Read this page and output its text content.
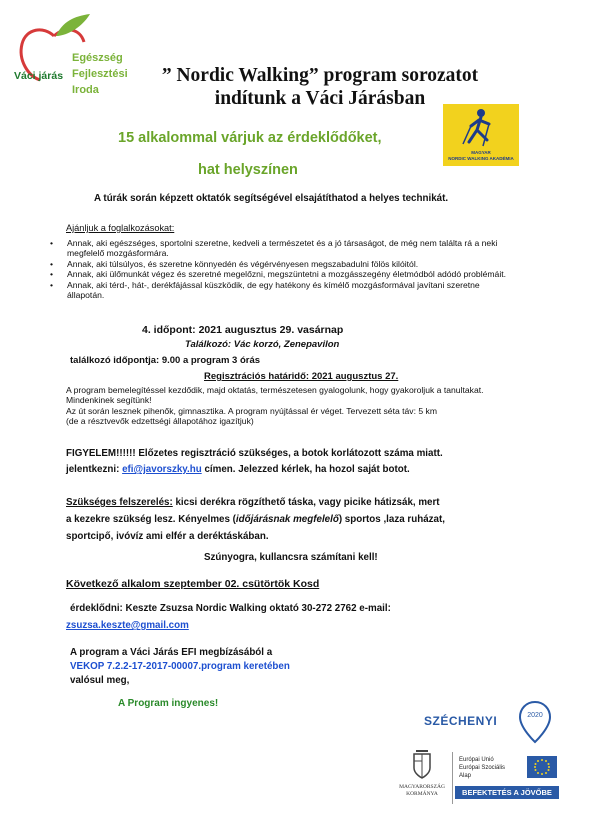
Váci járás
Egészség
Fejlesztési
Iroda
” Nordic Walking” program sorozatot
indítunk a Váci Járásban
MAGYAR
NORDIC WALKING AKADÉMIA
15 alkalommal várjuk az érdeklődőket,
hat helyszínen
A túrák során képzett oktatók segítségével elsajátíthatod a helyes technikát.
Ajánljuk a foglalkozásokat:
• Annak, aki egészséges, sportolni szeretne, kedveli a természetet és a jó társaságot, de még nem találta rá a neki megfelelő mozgásformára.
• Annak, aki túlsúlyos, és szeretne könnyedén és végérvényesen megszabadulni fölös kilóitól.
• Annak, aki ülőmunkát végez és szeretné megelőzni, megszüntetni a mozgásszegény életmódból adódó problémáit.
• Annak, aki térd-, hát-, derékfájással küszködik, de egy hatékony és kímélő mozgásformával javítani szeretne állapotán.
4. időpont: 2021 augusztus 29. vasárnap
Találkozó: Vác korzó, Zenepavilon
találkozó időpontja: 9.00 a program 3 órás
Regisztrációs határidő: 2021 augusztus 27.
A program bemelegítéssel kezdődik, majd oktatás, természetesen gyalogolunk, hogy gyakoroljuk a tanultakat. Mindenkinek segítünk!
Az út során lesznek pihenők, gimnasztika. A program nyújtással ér véget. Tervezett séta táv: 5 km
(de a résztvevők edzettségi állapotához igazítjuk)
FIGYELEM!!!!!! Előzetes regisztráció szükséges, a botok korlátozott száma miatt.
jelentkezni: efi@javorszky.hu címen. Jelezzed kérlek, ha hozol saját botot.
Szükséges felszerelés: kicsi derékra rögzíthető táska, vagy picike hátizsák, mert
a kezekre szükség lesz. Kényelmes (időjárásnak megfelelő) sportos ,laza ruházat,
sportcipő, ivóvíz ami elfér a deréktáskában.
Szúnyogra, kullancsra számítani kell!
Következő alkalom szeptember 02. csütörtök Kosd
érdeklődni: Keszte Zsuzsa Nordic Walking oktató 30-272 2762 e-mail:
zsuzsa.keszte@gmail.com
A program a Váci Járás EFI megbízásából a
VEKOP 7.2.2-17-2017-00007.program keretében
valósul meg,
A Program ingyenes!
SZÉCHENYI	2020
MAGYARORSZÁG
KORMÁNYA
Európai Unió
Európai Szociális
Alap
BEFEKTETÉS A JÖVŐBE
